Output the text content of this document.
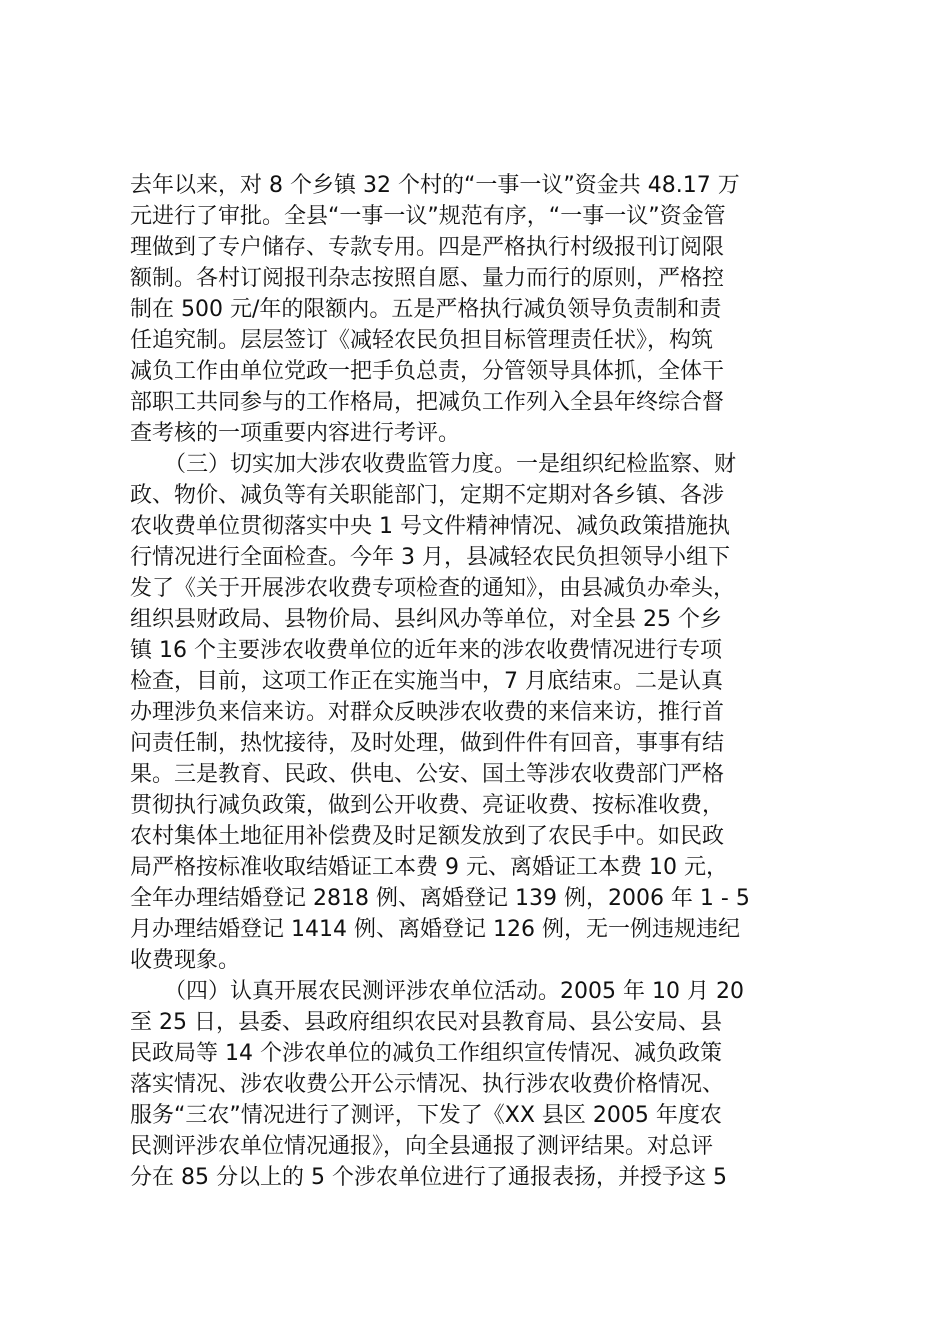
去年以来，对 8 个乡镇 32 个村的“一事一议”资金共 48.17 万
元进行了审批。全县“一事一议”规范有序，“一事一议”资金管
理做到了专户储存、专款专用。四是严格执行村级报刊订阅限
额制。各村订阅报刊杂志按照自愿、量力而行的原则，严格控
制在 500 元/年的限额内。五是严格执行减负领导负责制和责
任追究制。层层签订《减轻农民负担目标管理责任状》，构筑
减负工作由单位党政一把手负总责，分管领导具体抓，全体干
部职工共同参与的工作格局，把减负工作列入全县年终综合督
查考核的一项重要内容进行考评。
（三）切实加大涉农收费监管力度。一是组织纪检监察、财
政、物价、减负等有关职能部门，定期不定期对各乡镇、各涉
农收费单位贯彻落实中央 1 号文件精神情况、减负政策措施执
行情况进行全面检查。今年 3 月，县减轻农民负担领导小组下
发了《关于开展涉农收费专项检查的通知》，由县减负办牵头，
组织县财政局、县物价局、县纠风办等单位，对全县 25 个乡
镇 16 个主要涉农收费单位的近年来的涉农收费情况进行专项
检查，目前，这项工作正在实施当中，7 月底结束。二是认真
办理涉负来信来访。对群众反映涉农收费的来信来访，推行首
问责任制，热忱接待，及时处理，做到件件有回音，事事有结
果。三是教育、民政、供电、公安、国土等涉农收费部门严格
贯彻执行减负政策，做到公开收费、亮证收费、按标准收费，
农村集体土地征用补偿费及时足额发放到了农民手中。如民政
局严格按标准收取结婚证工本费 9 元、离婚证工本费 10 元，
全年办理结婚登记 2818 例、离婚登记 139 例，2006 年 1 - 5
月办理结婚登记 1414 例、离婚登记 126 例，无一例违规违纪
收费现象。
（四）认真开展农民测评涉农单位活动。2005 年 10 月 20
至 25 日，县委、县政府组织农民对县教育局、县公安局、县
民政局等 14 个涉农单位的减负工作组织宣传情况、减负政策
落实情况、涉农收费公开公示情况、执行涉农收费价格情况、
服务“三农”情况进行了测评，下发了《XX 县区 2005 年度农
民测评涉农单位情况通报》，向全县通报了测评结果。对总评
分在 85 分以上的 5 个涉农单位进行了通报表扬，并授予这 5
